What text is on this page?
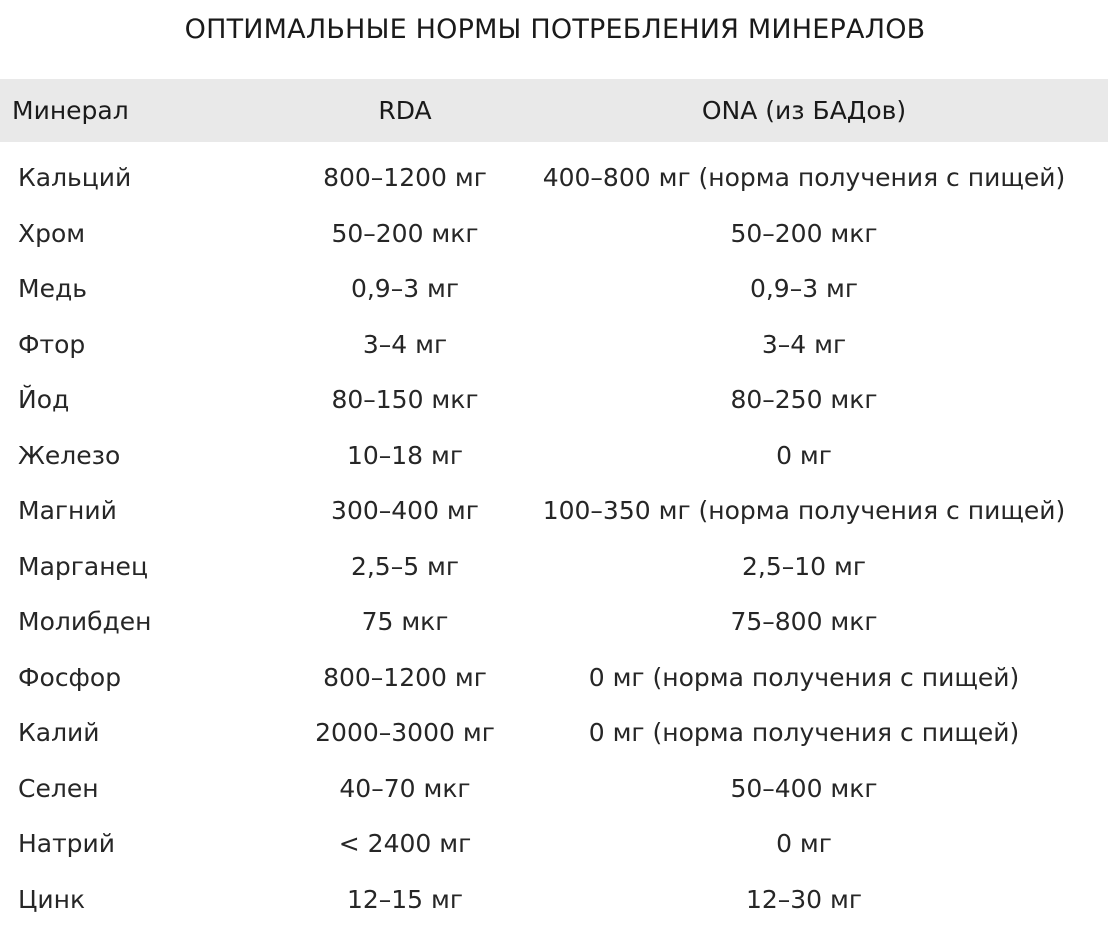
ОПТИМАЛЬНЫЕ НОРМЫ ПОТРЕБЛЕНИЯ МИНЕРАЛОВ
Минерал	RDA	ONA (из БАДов)
Кальций	800–1200 мг	400–800 мг (норма получения с пищей)
Хром	50–200 мкг	50–200 мкг
Медь	0,9–3 мг	0,9–3 мг
Фтор	3–4 мг	3–4 мг
Йод	80–150 мкг	80–250 мкг
Железо	10–18 мг	0 мг
Магний	300–400 мг	100–350 мг (норма получения с пищей)
Марганец	2,5–5 мг	2,5–10 мг
Молибден	75 мкг	75–800 мкг
Фосфор	800–1200 мг	0 мг (норма получения с пищей)
Калий	2000–3000 мг	0 мг (норма получения с пищей)
Селен	40–70 мкг	50–400 мкг
Натрий	< 2400 мг	0 мг
Цинк	12–15 мг	12–30 мг
